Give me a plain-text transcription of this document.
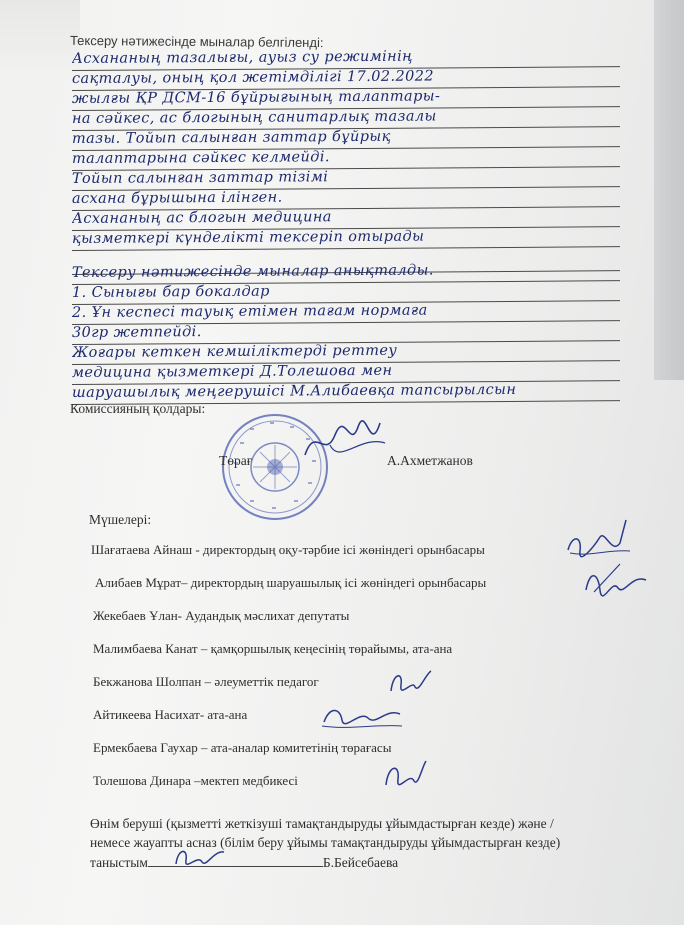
Тексеру нәтижесінде мыналар белгіленді:
Асхананың тазалығы, ауыз су режимінің
сақталуы, оның қол жетімділігі 17.02.2022
жылғы ҚР ДСМ-16 бұйрығының талаптары-
на сәйкес, ас блогының санитарлық тазалы
тазы. Тойып салынған заттар бұйрық
талаптарына сәйкес келмейді.
Тойып салынған заттар тізімі
асхана бұрышына ілінген.
Асхананың ас блогын медицина
қызметкері күнделікті тексеріп отырады
Тексеру нәтижесінде мыналар анықталды.
1. Сынығы бар бокалдар
2. Ұн кеспесі тауық етімен тағам нормаға
30гр жетпейді.
Жоғары кеткен кемшіліктерді реттеу
медицина қызметкері Д.Толешова мен
шаруашылық меңгерушісі М.Алибаевқа тапсырылсын
Комиссияның қолдары:
Төрағ	А.Ахметжанов
Мүшелері:
Шағатаева Айнаш - директордың оқу-тәрбие ісі жөніндегі орынбасары
Алибаев Мұрат– директордың шаруашылық ісі жөніндегі орынбасары
Жекебаев Ұлан- Аудандық мәслихат депутаты
Малимбаева Канат – қамқоршылық кеңесінің төрайымы, ата-ана
Бекжанова Шолпан – әлеуметтік педагог
Айтикеева Насихат- ата-ана
Ермекбаева Гаухар – ата-аналар комитетінің төрағасы
Толешова Динара –мектеп медбикесі
Өнім беруші (қызметті жеткізуші тамақтандыруды ұйымдастырған кезде) және /
немесе жауапты асназ (білім беру ұйымы тамақтандыруды ұйымдастырған кезде)
таныстым	Б.Бейсебаева
